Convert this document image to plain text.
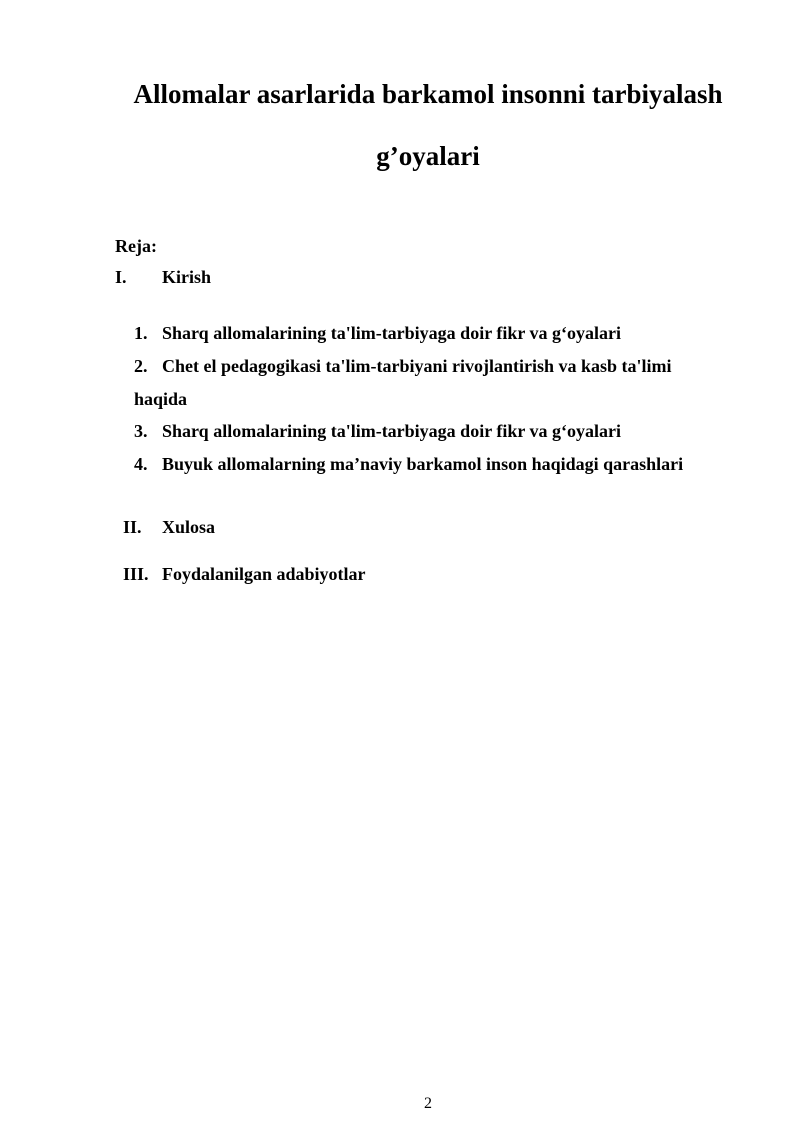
Allomalar asarlarida barkamol insonni tarbiyalash
g’oyalari
Reja:
I. Kirish
1. Sharq allomalarining ta'lim-tarbiyaga doir fikr va g‘oyalari
2. Chet el pedagogikasi ta'lim-tarbiyani rivojlantirish va kasb ta'limi
haqida
3. Sharq allomalarining ta'lim-tarbiyaga doir fikr va g‘oyalari
4. Buyuk allomalarning ma’naviy barkamol inson haqidagi qarashlari
II. Xulosa
III. Foydalanilgan adabiyotlar
2
